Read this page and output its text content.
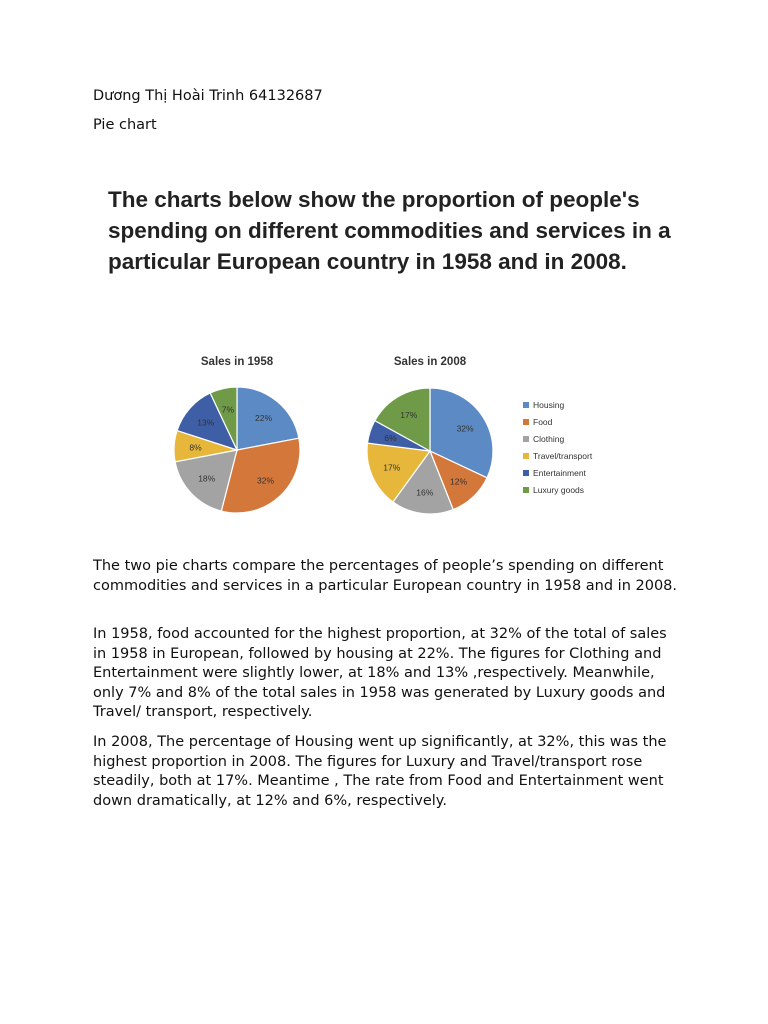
Dương Thị Hoài Trinh 64132687
Pie chart

The charts below show the proportion of people's spending on different commodities and services in a particular European country in 1958 and in 2008.

Sales in 1958
22%
32%
18%
8%
13%
7%
Sales in 2008
32%
12%
16%
17%
6%
17%
Housing
Food
Clothing
Travel/transport
Entertainment
Luxury goods

The two pie charts compare the percentages of people’s spending on different commodities and services in a particular European country in 1958 and in 2008.

In 1958, food accounted for the highest proportion, at 32% of the total of sales in 1958 in European, followed by housing at 22%. The figures for Clothing and Entertainment were slightly lower, at 18% and 13% ,respectively. Meanwhile, only 7% and 8% of the total sales in 1958 was generated by Luxury goods and Travel/ transport, respectively.

In 2008, The percentage of Housing went up significantly, at 32%, this was the highest proportion in 2008. The figures for Luxury and Travel/transport rose steadily, both at 17%. Meantime , The rate from Food and Entertainment went down dramatically, at 12% and 6%, respectively.
